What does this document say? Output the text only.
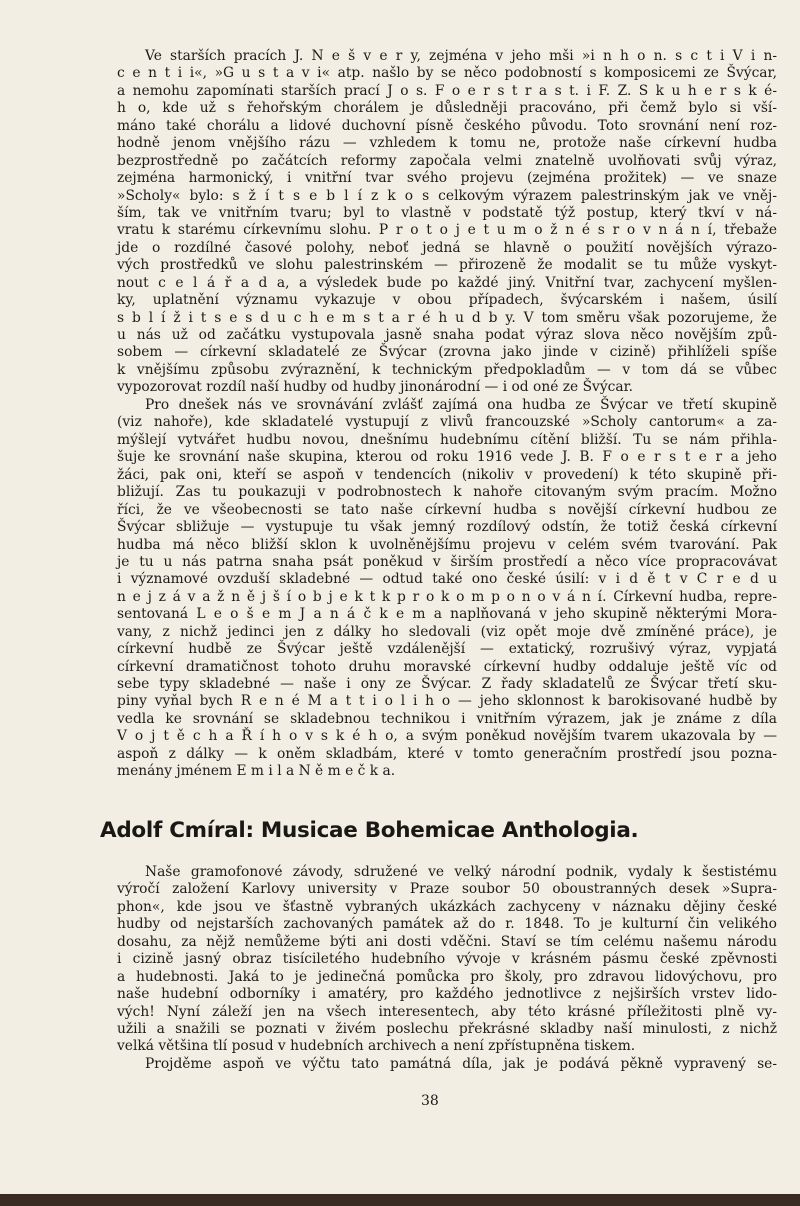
Ve starších pracích J. N e š v e r y, zejména v jeho mši »i n h o n. s c t i V i n-
c e n t i i«, »G u s t a v i« atp. našlo by se něco podobností s komposicemi ze Švýcar,
a nemohu zapomínati starších prací J o s. F o e r s t r a s t. i F. Z. S k u h e r s k é-
h o, kde už s řehořským chorálem je důsledněji pracováno, při čemž bylo si vší-
máno také chorálu a lidové duchovní písně českého původu. Toto srovnání není roz-
hodně jenom vnějšího rázu — vzhledem k tomu ne, protože naše církevní hudba
bezprostředně po začátcích reformy započala velmi znatelně uvolňovati svůj výraz,
zejména harmonický, i vnitřní tvar svého projevu (zejména prožitek) — ve snaze
»Scholy« bylo: s ž í t s e b l í z k o s celkovým výrazem palestrinským jak ve vněj-
ším, tak ve vnitřním tvaru; byl to vlastně v podstatě týž postup, který tkví v ná-
vratu k starému církevnímu slohu. P r o t o j e t u m o ž n é s r o v n á n í, třebaže
jde o rozdílné časové polohy, neboť jedná se hlavně o použití novějších výrazo-
vých prostředků ve slohu palestrinském — přirozeně že modalit se tu může vyskyt-
nout c e l á ř a d a, a výsledek bude po každé jiný. Vnitřní tvar, zachycení myšlen-
ky, uplatnění významu vykazuje v obou případech, švýcarském i našem, úsilí
s b l í ž i t s e s d u c h e m s t a r é h u d b y. V tom směru však pozorujeme, že
u nás už od začátku vystupovala jasně snaha podat výraz slova něco novějším způ-
sobem — církevní skladatelé ze Švýcar (zrovna jako jinde v cizině) přihlíželi spíše
k vnějšímu způsobu zvýraznění, k technickým předpokladům — v tom dá se vůbec
vypozorovat rozdíl naší hudby od hudby jinonárodní — i od oné ze Švýcar.
Pro dnešek nás ve srovnávání zvlášť zajímá ona hudba ze Švýcar ve třetí skupině
(viz nahoře), kde skladatelé vystupují z vlivů francouzské »Scholy cantorum« a za-
mýšlejí vytvářet hudbu novou, dnešnímu hudebnímu cítění bližší. Tu se nám přihla-
šuje ke srovnání naše skupina, kterou od roku 1916 vede J. B. F o e r s t e r a jeho
žáci, pak oni, kteří se aspoň v tendencích (nikoliv v provedení) k této skupině při-
bližují. Zas tu poukazuji v podrobnostech k nahoře citovaným svým pracím. Možno
říci, že ve všeobecnosti se tato naše církevní hudba s novější církevní hudbou ze
Švýcar sbližuje — vystupuje tu však jemný rozdílový odstín, že totiž česká církevní
hudba má něco bližší sklon k uvolněnějšímu projevu v celém svém tvarování. Pak
je tu u nás patrna snaha psát poněkud v širším prostředí a něco více propracovávat
i významové ovzduší skladebné — odtud také ono české úsilí: v i d ě t v C r e d u
n e j z á v a ž n ě j š í o b j e k t k p r o k o m p o n o v á n í. Církevní hudba, repre-
sentovaná L e o š e m J a n á č k e m a naplňovaná v jeho skupině některými Mora-
vany, z nichž jedinci jen z dálky ho sledovali (viz opět moje dvě zmíněné práce), je
církevní hudbě ze Švýcar ještě vzdálenější — extatický, rozrušivý výraz, vypjatá
církevní dramatičnost tohoto druhu moravské církevní hudby oddaluje ještě víc od
sebe typy skladebné — naše i ony ze Švýcar. Z řady skladatelů ze Švýcar třetí sku-
piny vyňal bych R e n é M a t t i o l i h o — jeho sklonnost k barokisované hudbě by
vedla ke srovnání se skladebnou technikou i vnitřním výrazem, jak je známe z díla
V o j t ě c h a Ř í h o v s k é h o, a svým poněkud novějším tvarem ukazovala by —
aspoň z dálky — k oněm skladbám, které v tomto generačním prostředí jsou pozna-
menány jménem E m i l a N ě m e č k a.
Adolf Cmíral: Musicae Bohemicae Anthologia.
Naše gramofonové závody, sdružené ve velký národní podnik, vydaly k šestistému
výročí založení Karlovy university v Praze soubor 50 oboustranných desek »Supra-
phon«, kde jsou ve šťastně vybraných ukázkách zachyceny v náznaku dějiny české
hudby od nejstarších zachovaných památek až do r. 1848. To je kulturní čin velikého
dosahu, za nějž nemůžeme býti ani dosti vděčni. Staví se tím celému našemu národu
i cizině jasný obraz tisíciletého hudebního vývoje v krásném pásmu české zpěvnosti
a hudebnosti. Jaká to je jedinečná pomůcka pro školy, pro zdravou lidovýchovu, pro
naše hudební odborníky i amatéry, pro každého jednotlivce z nejširších vrstev lido-
vých! Nyní záleží jen na všech interesentech, aby této krásné příležitosti plně vy-
užili a snažili se poznati v živém poslechu překrásné skladby naší minulosti, z nichž
velká většina tlí posud v hudebních archivech a není zpřístupněna tiskem.
Projděme aspoň ve výčtu tato památná díla, jak je podává pěkně vypravený se-
38
